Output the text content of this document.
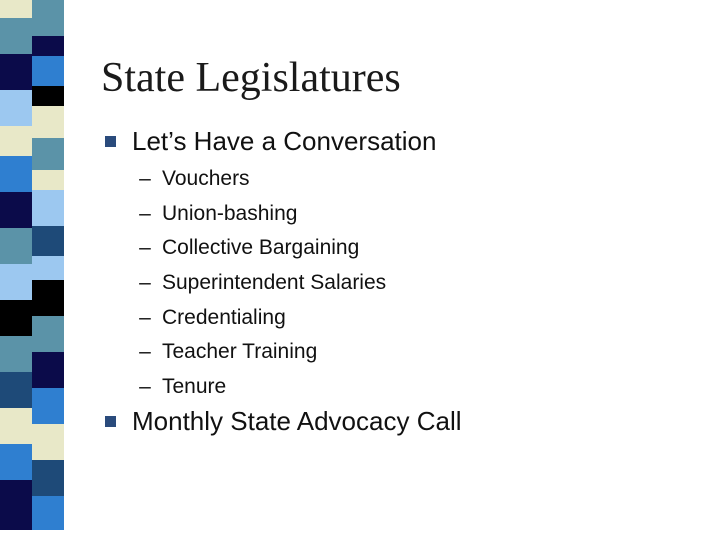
State Legislatures
Let’s Have a Conversation
– Vouchers
– Union-bashing
– Collective Bargaining
– Superintendent Salaries
– Credentialing
– Teacher Training
– Tenure
Monthly State Advocacy Call
